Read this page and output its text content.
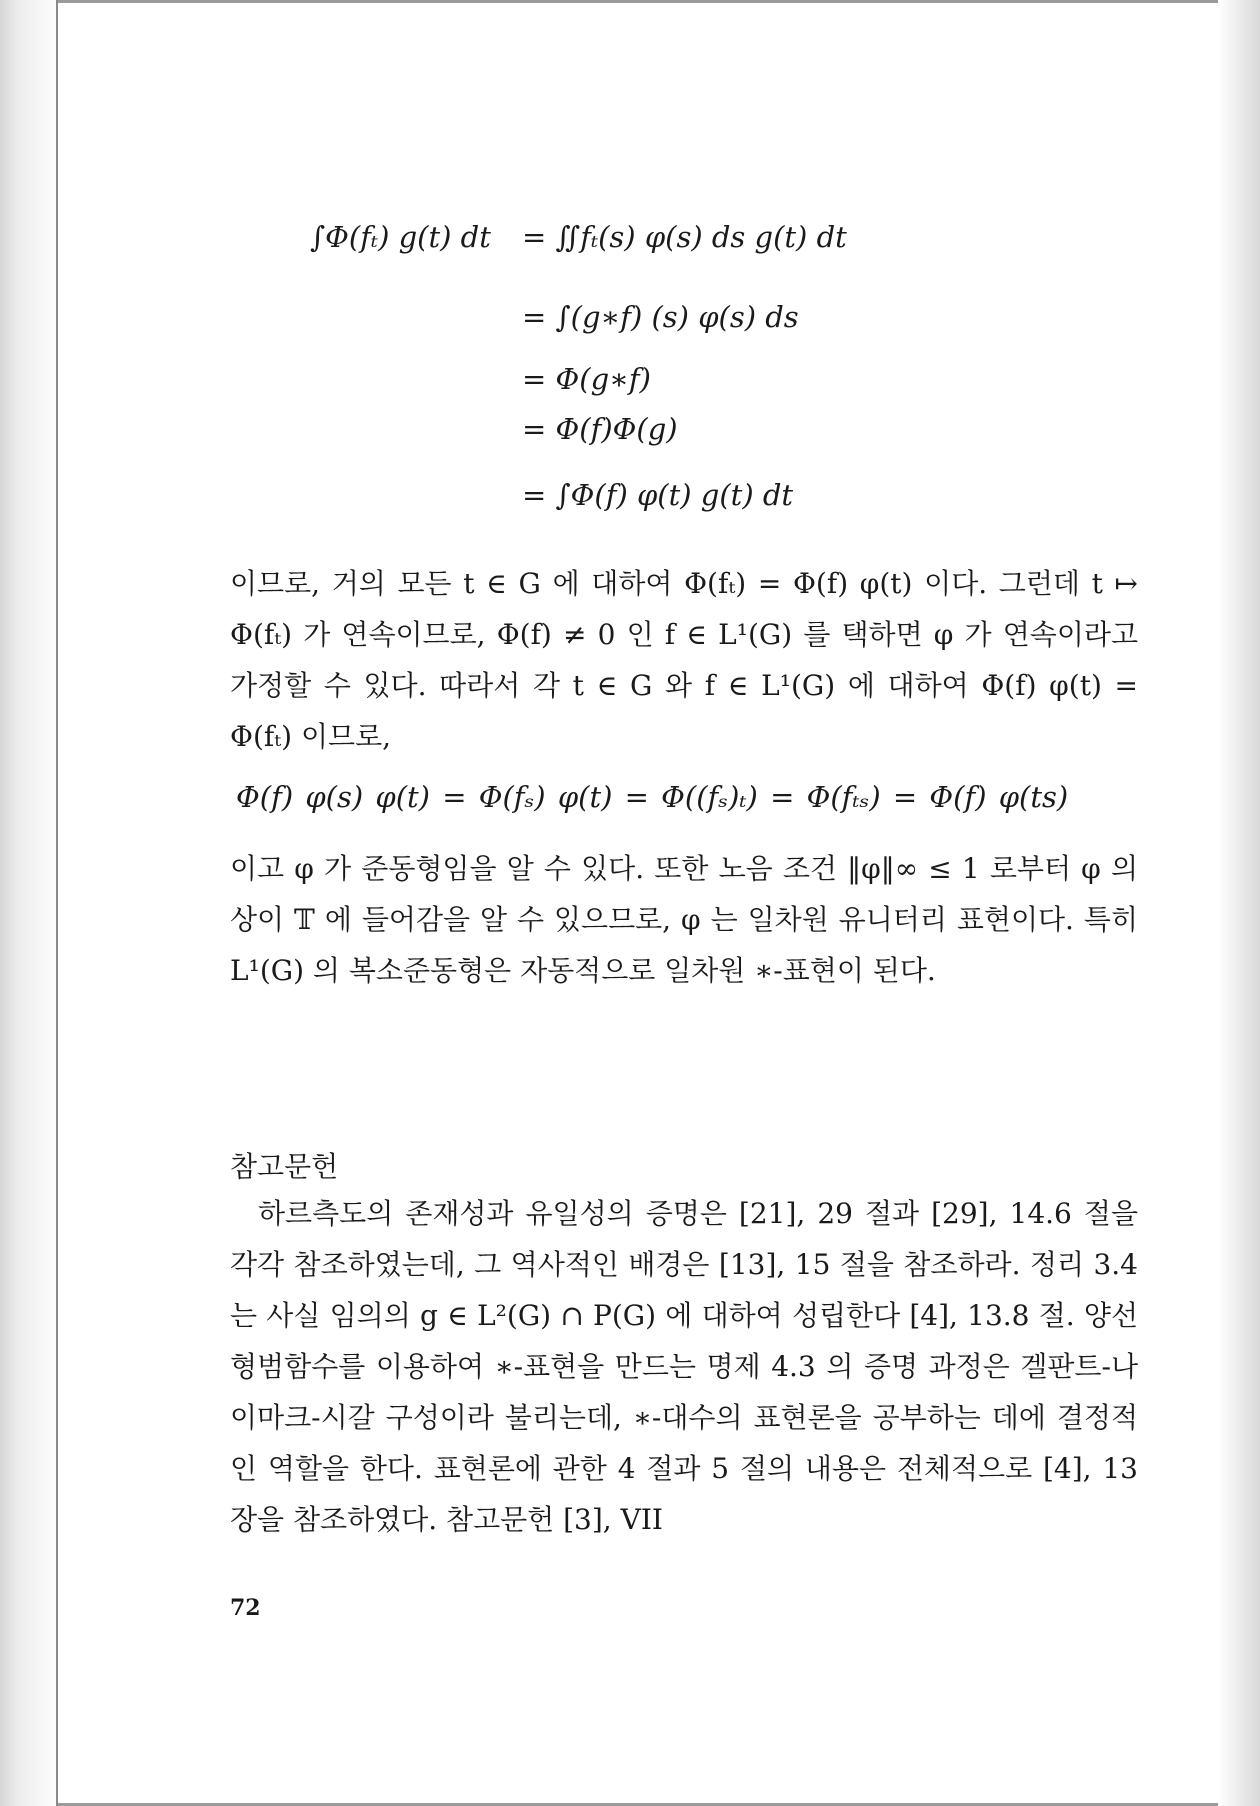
∫Φ(fₜ) g(t) dt = ∬fₜ(s) φ(s) ds g(t) dt
= ∫(g∗f) (s) φ(s) ds
= Φ(g∗f)
= Φ(f)Φ(g)
= ∫Φ(f) φ(t) g(t) dt

이므로, 거의 모든 t ∈ G 에 대하여 Φ(fₜ) = Φ(f) φ(t) 이다. 그런데 t ↦ Φ(fₜ) 가 연속이므로, Φ(f) ≠ 0 인 f ∈ L¹(G) 를 택하면 φ 가 연속이라고 가정할 수 있다. 따라서 각 t ∈ G 와 f ∈ L¹(G) 에 대하여 Φ(f) φ(t) = Φ(fₜ) 이므로,

Φ(f) φ(s) φ(t) = Φ(fₛ) φ(t) = Φ((fₛ)ₜ) = Φ(fₜₛ) = Φ(f) φ(ts)

이고 φ 가 준동형임을 알 수 있다. 또한 노음 조건 ‖φ‖∞ ≤ 1 로부터 φ 의 상이 𝕋 에 들어감을 알 수 있으므로, φ 는 일차원 유니터리 표현이다. 특히 L¹(G) 의 복소준동형은 자동적으로 일차원 ∗-표현이 된다.

참고문헌

하르측도의 존재성과 유일성의 증명은 [21], 29 절과 [29], 14.6 절을 각각 참조하였는데, 그 역사적인 배경은 [13], 15 절을 참조하라. 정리 3.4 는 사실 임의의 g ∈ L²(G) ∩ P(G) 에 대하여 성립한다 [4], 13.8 절. 양선형범함수를 이용하여 ∗-표현을 만드는 명제 4.3 의 증명 과정은 겔판트-나이마크-시갈 구성이라 불리는데, ∗-대수의 표현론을 공부하는 데에 결정적인 역할을 한다. 표현론에 관한 4 절과 5 절의 내용은 전체적으로 [4], 13 장을 참조하였다. 참고문헌 [3], VII

72
